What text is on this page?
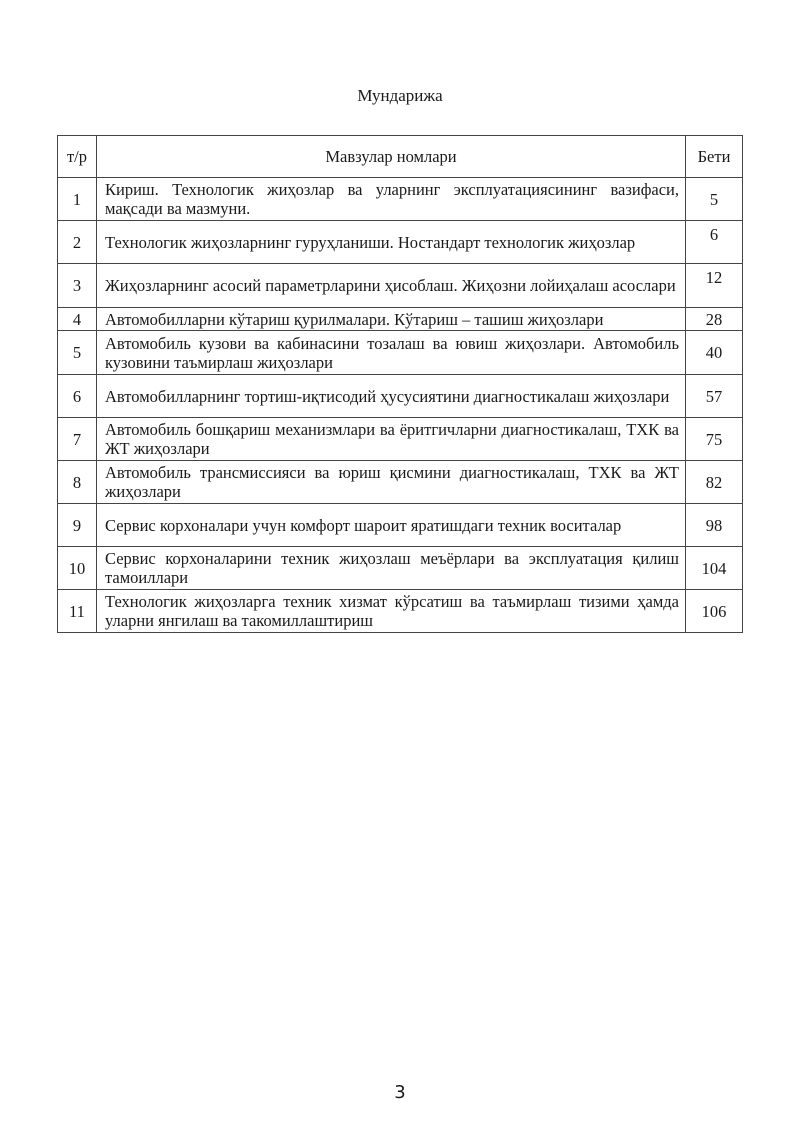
Мундарижа
т/р	Мавзулар номлари	Бети
1	Кириш. Технологик жиҳозлар ва уларнинг эксплуатациясининг вазифаси, мақсади ва мазмуни.	5
2	Технологик жиҳозларнинг гуруҳланиши. Ностандарт технологик жиҳозлар	6
3	Жиҳозларнинг асосий параметрларини ҳисоблаш. Жиҳозни лойиҳалаш асослари	12
4	Автомобилларни кўтариш қурилмалари. Кўтариш – ташиш жиҳозлари	28
5	Автомобиль кузови ва кабинасини тозалаш ва ювиш жиҳозлари. Автомобиль кузовини таъмирлаш жиҳозлари	40
6	Автомобилларнинг тортиш-иқтисодий ҳусусиятини диагностикалаш жиҳозлари	57
7	Автомобиль бошқариш механизмлари ва ёритгичларни диагностикалаш, ТХК ва ЖТ жиҳозлари	75
8	Автомобиль трансмиссияси ва юриш қисмини диагностикалаш, ТХК ва ЖТ жиҳозлари	82
9	Сервис корхоналари учун комфорт шароит яратишдаги техник воситалар	98
10	Сервис корхоналарини техник жиҳозлаш меъёрлари ва эксплуатация қилиш тамоиллари	104
11	Технологик жиҳозларга техник хизмат кўрсатиш ва таъмирлаш тизими ҳамда уларни янгилаш ва такомиллаштириш	106
3
